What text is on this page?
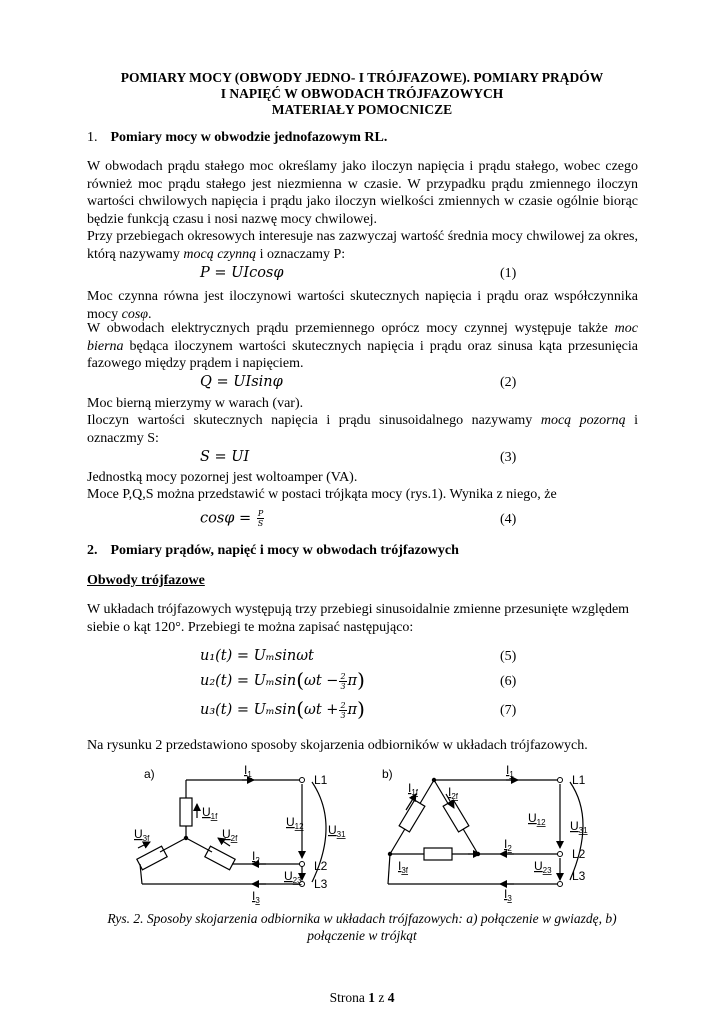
POMIARY MOCY (OBWODY JEDNO- I TRÓJFAZOWE). POMIARY PRĄDÓW
I NAPIĘĆ W OBWODACH TRÓJFAZOWYCH
MATERIAŁY POMOCNICZE
1. Pomiary mocy w obwodzie jednofazowym RL.
W obwodach prądu stałego moc określamy jako iloczyn napięcia i prądu stałego, wobec czego również moc prądu stałego jest niezmienna w czasie. W przypadku prądu zmiennego iloczyn wartości chwilowych napięcia i prądu jako iloczyn wielkości zmiennych w czasie ogólnie biorąc będzie funkcją czasu i nosi nazwę mocy chwilowej.
Przy przebiegach okresowych interesuje nas zazwyczaj wartość średnia mocy chwilowej za okres, którą nazywamy mocą czynną i oznaczamy P:
P = UIcosφ	(1)
Moc czynna równa jest iloczynowi wartości skutecznych napięcia i prądu oraz współczynnika mocy cosφ.
W obwodach elektrycznych prądu przemiennego oprócz mocy czynnej występuje także moc bierna będąca iloczynem wartości skutecznych napięcia i prądu oraz sinusa kąta przesunięcia fazowego między prądem i napięciem.
Q = UIsinφ	(2)
Moc bierną mierzymy w warach (var).
Iloczyn wartości skutecznych napięcia i prądu sinusoidalnego nazywamy mocą pozorną i oznaczmy S:
S = UI	(3)
Jednostką mocy pozornej jest woltoamper (VA).
Moce P,Q,S można przedstawić w postaci trójkąta mocy (rys.1). Wynika z niego, że
$\cos\varphi = \frac{P}{S}$	(4)
2. Pomiary prądów, napięć i mocy w obwodach trójfazowych
Obwody trójfazowe
W układach trójfazowych występują trzy przebiegi sinusoidalnie zmienne przesunięte względem siebie o kąt 120°. Przebiegi te można zapisać następująco:
u₁(t) = Uₘsinωt	(5)
$u_2(t) = U_m\sin(\omega t - \frac{2}{3}\pi)$	(6)
$u_3(t) = U_m\sin(\omega t + \frac{2}{3}\pi)$	(7)
Na rysunku 2 przedstawiono sposoby skojarzenia odbiorników w układach trójfazowych.
a)	$I_1$	L1
$U_{1f}$	$U_{12}$ $U_{31}$
$U_{3f}$	$U_{2f}$
$I_2$	L2
$U_{23}$ L3
$I_3$
b)	$I_1$	L1
$I_{1f}$ $I_{2f}$
$U_{12}$ $U_{31}$
$I_2$	L2
$I_{3f}$	$U_{23}$ L3
$I_3$
Rys. 2. Sposoby skojarzenia odbiornika w układach trójfazowych: a) połączenie w gwiazdę, b) połączenie w trójkąt
Strona 1 z 4
